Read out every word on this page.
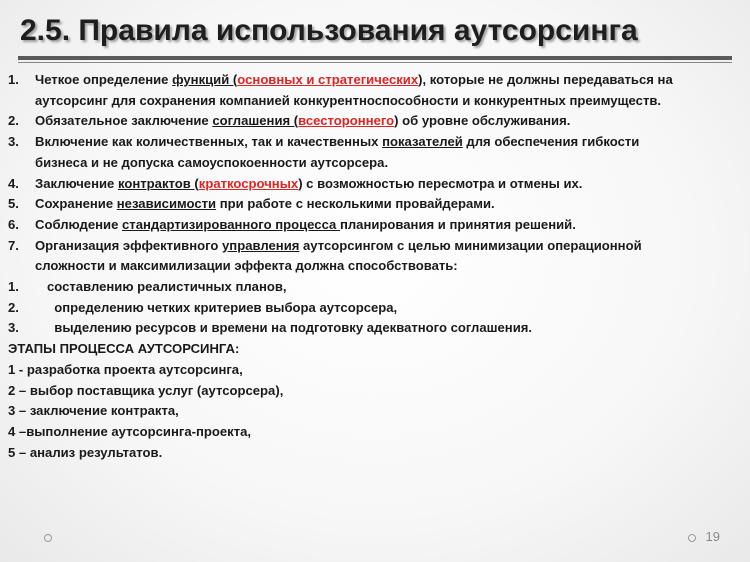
2.5. Правила использования аутсорсинга
1.	Четкое определение функций (основных и стратегических), которые не должны передаваться на
аутсорсинг для сохранения компанией конкурентноспособности и конкурентных преимуществ.
2.	Обязательное заключение соглашения (всестороннего) об уровне обслуживания.
3.	Включение как количественных, так и качественных показателей для обеспечения гибкости
бизнеса и не допуска самоуспокоенности аутсорсера.
4.	Заключение контрактов (краткосрочных) с возможностью пересмотра и отмены их.
5.	Сохранение независимости при работе с несколькими провайдерами.
6.	Соблюдение стандартизированного процесса планирования и принятия решений.
7.	Организация эффективного управления аутсорсингом с целью минимизации операционной
сложности и максимилизации эффекта должна способствовать:
1.	составлению реалистичных планов,
2.	определению четких критериев выбора аутсорсера,
3.	выделению ресурсов и времени на подготовку адекватного соглашения.
ЭТАПЫ ПРОЦЕССА АУТСОРСИНГА:
1 - разработка проекта аутсорсинга,
2 – выбор поставщика услуг (аутсорсера),
3 – заключение контракта,
4 –выполнение аутсорсинга-проекта,
5 – анализ результатов.
19
